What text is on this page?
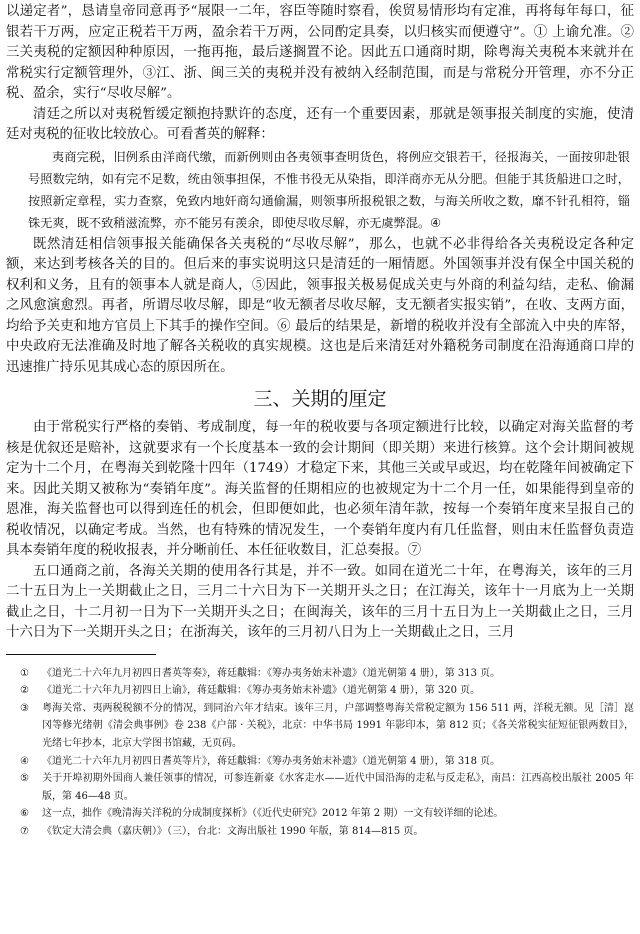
以递定者”，恳请皇帝同意再予“展限一二年，容臣等随时察看，俟贸易情形均有定准，再将每年每口，征银若干万两，应定正税若干万两，盈余若干万两，公同酌定具奏，以归核实而便遵守”。① 上谕允准。② 三关夷税的定额因种种原因，一拖再拖，最后遂搁置不论。因此五口通商时期，除粤海关夷税本来就并在常税实行定额管理外，③江、浙、闽三关的夷税并没有被纳入经制范围，而是与常税分开管理，亦不分正税、盈余，实行“尽收尽解”。

清廷之所以对夷税暂缓定额抱持默许的态度，还有一个重要因素，那就是领事报关制度的实施，使清廷对夷税的征收比较放心。可看耆英的解释：

夷商完税，旧例系由洋商代缴，而新例则由各夷领事查明货色，将例应交银若干，径报海关，一面按卯赴银号照数完纳，如有完不足数，统由领事担保，不惟书役无从染指，即洋商亦无从分肥。但能于其货船进口之时，按照新定章程，实力查察，免致内地奸商勾通偷漏，则领事所报税银之数，与海关所收之数，靡不针孔相符，锱铢无爽，既不致稍滋流弊，亦不能另有羡余，即使尽收尽解，亦无虞弊混。④

既然清廷相信领事报关能确保各关夷税的“尽收尽解”，那么，也就不必非得给各关夷税设定各种定额，来达到考核各关的目的。但后来的事实说明这只是清廷的一厢情愿。外国领事并没有保全中国关税的权利和义务，且有的领事本人就是商人，⑤因此，领事报关极易促成关吏与外商的利益勾结，走私、偷漏之风愈演愈烈。再者，所谓尽收尽解，即是“收无额者尽收尽解，支无额者实报实销”，在收、支两方面，均给予关吏和地方官员上下其手的操作空间。⑥ 最后的结果是，新增的税收并没有全部流入中央的库帑，中央政府无法准确及时地了解各关税收的真实规模。这也是后来清廷对外籍税务司制度在沿海通商口岸的迅速推广持乐见其成心态的原因所在。

三、关期的厘定

由于常税实行严格的奏销、考成制度，每一年的税收要与各项定额进行比较，以确定对海关监督的考核是优叙还是赔补，这就要求有一个长度基本一致的会计期间（即关期）来进行核算。这个会计期间被规定为十二个月，在粤海关到乾隆十四年（1749）才稳定下来，其他三关或早或迟，均在乾隆年间被确定下来。因此关期又被称为“奏销年度”。海关监督的任期相应的也被规定为十二个月一任，如果能得到皇帝的恩准，海关监督也可以得到连任的机会，但即便如此，也必须年清年款，按每一个奏销年度来呈报自己的税收情况，以确定考成。当然，也有特殊的情况发生，一个奏销年度内有几任监督，则由末任监督负责造具本奏销年度的税收报表，并分晰前任、本任征收数目，汇总奏报。⑦

五口通商之前，各海关关期的使用各行其是，并不一致。如同在道光二十年，在粤海关，该年的三月二十五日为上一关期截止之日，三月二十六日为下一关期开头之日；在江海关，该年十一月底为上一关期截止之日，十二月初一日为下一关期开头之日；在闽海关，该年的三月十五日为上一关期截止之日，三月十六日为下一关期开头之日；在浙海关，该年的三月初八日为上一关期截止之日，三月

① 《道光二十六年九月初四日耆英等奏》，蒋廷黻辑：《筹办夷务始末补遗》（道光朝第 4 册），第 313 页。

② 《道光二十六年九月初四日上谕》，蒋廷黻辑：《筹办夷务始末补遗》（道光朝第 4 册），第 320 页。

③ 粤海关常、夷两税税额不分的情况，到同治六年才结束。该年三月，户部调整粤海关常税定额为 156 511 两，洋税无额。见［清］崑冈等修光绪朝《清会典事例》卷 238《户部 · 关税》，北京：中华书局 1991 年影印本，第 812 页；《各关常税实征短征银两数目》，光绪七年抄本，北京大学图书馆藏，无页码。

④ 《道光二十六年九月初四日耆英等片》，蒋廷黻辑：《筹办夷务始末补遗》（道光朝第 4 册），第 318 页。

⑤ 关于开埠初期外国商人兼任领事的情况，可参连新豪《水客走水——近代中国沿海的走私与反走私》，南昌：江西高校出版社 2005 年版，第 46—48 页。

⑥ 这一点，拙作《晚清海关洋税的分成制度探析》（《近代史研究》2012 年第 2 期）一文有较详细的论述。

⑦ 《钦定大清会典（嘉庆朝）》（三），台北：文海出版社 1990 年版，第 814—815 页。
